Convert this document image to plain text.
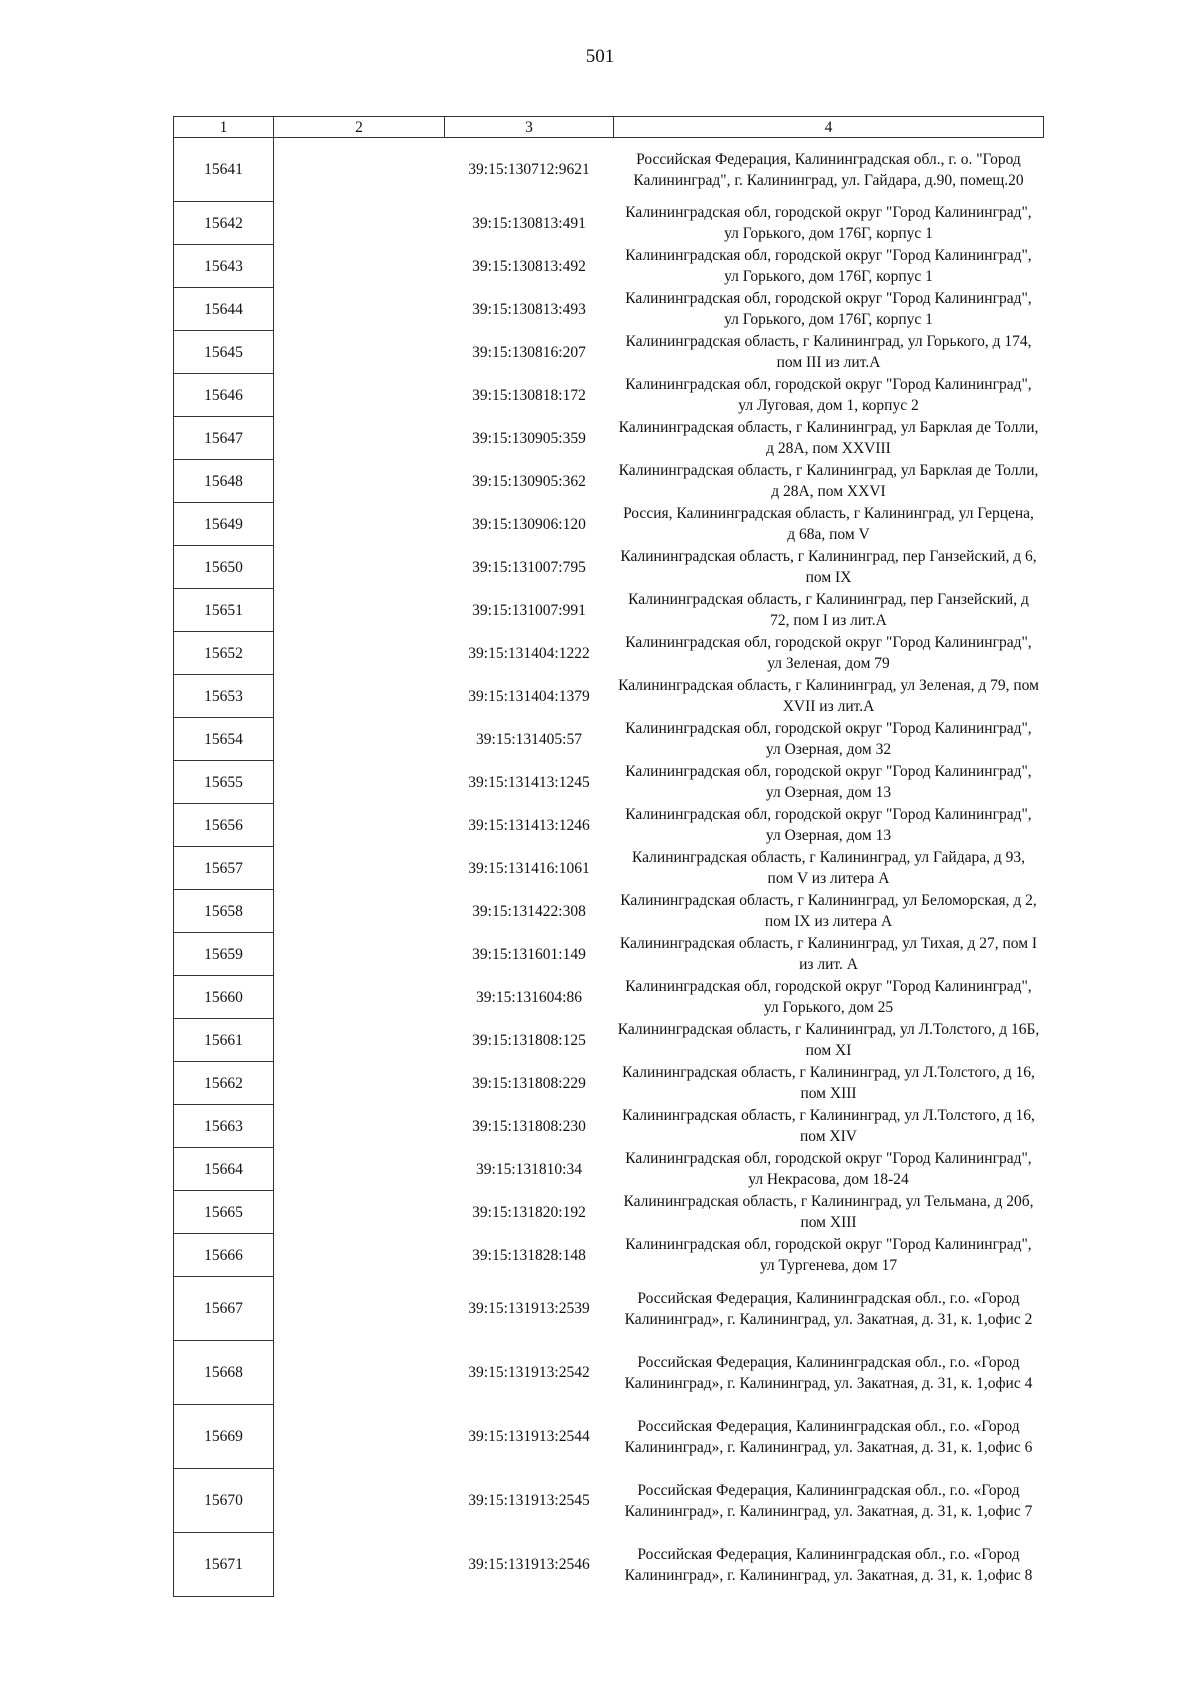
501
1	2	3	4
15641		39:15:130712:9621	Российская Федерация, Калининградская обл., г. о. "Город Калининград", г. Калининград, ул. Гайдара, д.90, помещ.20
15642		39:15:130813:491	Калининградская обл, городской округ "Город Калининград", ул Горького, дом 176Г, корпус 1
15643		39:15:130813:492	Калининградская обл, городской округ "Город Калининград", ул Горького, дом 176Г, корпус 1
15644		39:15:130813:493	Калининградская обл, городской округ "Город Калининград", ул Горького, дом 176Г, корпус 1
15645		39:15:130816:207	Калининградская область, г Калининград, ул Горького, д 174, пом III из лит.А
15646		39:15:130818:172	Калининградская обл, городской округ "Город Калининград", ул Луговая, дом 1, корпус 2
15647		39:15:130905:359	Калининградская область, г Калининград, ул Барклая де Толли, д 28А, пом XXVIII
15648		39:15:130905:362	Калининградская область, г Калининград, ул Барклая де Толли, д 28А, пом XXVI
15649		39:15:130906:120	Россия, Калининградская область, г Калининград, ул Герцена, д 68а, пом V
15650		39:15:131007:795	Калининградская область, г Калининград, пер Ганзейский, д 6, пом IX
15651		39:15:131007:991	Калининградская область, г Калининград, пер Ганзейский, д 72, пом I из лит.А
15652		39:15:131404:1222	Калининградская обл, городской округ "Город Калининград", ул Зеленая, дом 79
15653		39:15:131404:1379	Калининградская область, г Калининград, ул Зеленая, д 79, пом XVII из лит.А
15654		39:15:131405:57	Калининградская обл, городской округ "Город Калининград", ул Озерная, дом 32
15655		39:15:131413:1245	Калининградская обл, городской округ "Город Калининград", ул Озерная, дом 13
15656		39:15:131413:1246	Калининградская обл, городской округ "Город Калининград", ул Озерная, дом 13
15657		39:15:131416:1061	Калининградская область, г Калининград, ул Гайдара, д 93, пом V из литера А
15658		39:15:131422:308	Калининградская область, г Калининград, ул Беломорская, д 2, пом IX из литера А
15659		39:15:131601:149	Калининградская область, г Калининград, ул Тихая, д 27, пом I из лит. А
15660		39:15:131604:86	Калининградская обл, городской округ "Город Калининград", ул Горького, дом 25
15661		39:15:131808:125	Калининградская область, г Калининград, ул Л.Толстого, д 16Б, пом XI
15662		39:15:131808:229	Калининградская область, г Калининград, ул Л.Толстого, д 16, пом XIII
15663		39:15:131808:230	Калининградская область, г Калининград, ул Л.Толстого, д 16, пом XIV
15664		39:15:131810:34	Калининградская обл, городской округ "Город Калининград", ул Некрасова, дом 18-24
15665		39:15:131820:192	Калининградская область, г Калининград, ул Тельмана, д 20б, пом XIII
15666		39:15:131828:148	Калининградская обл, городской округ "Город Калининград", ул Тургенева, дом 17
15667		39:15:131913:2539	Российская Федерация, Калининградская обл., г.о. «Город Калининград», г. Калининград, ул. Закатная, д. 31, к. 1,офис 2
15668		39:15:131913:2542	Российская Федерация, Калининградская обл., г.о. «Город Калининград», г. Калининград, ул. Закатная, д. 31, к. 1,офис 4
15669		39:15:131913:2544	Российская Федерация, Калининградская обл., г.о. «Город Калининград», г. Калининград, ул. Закатная, д. 31, к. 1,офис 6
15670		39:15:131913:2545	Российская Федерация, Калининградская обл., г.о. «Город Калининград», г. Калининград, ул. Закатная, д. 31, к. 1,офис 7
15671		39:15:131913:2546	Российская Федерация, Калининградская обл., г.о. «Город Калининград», г. Калининград, ул. Закатная, д. 31, к. 1,офис 8
